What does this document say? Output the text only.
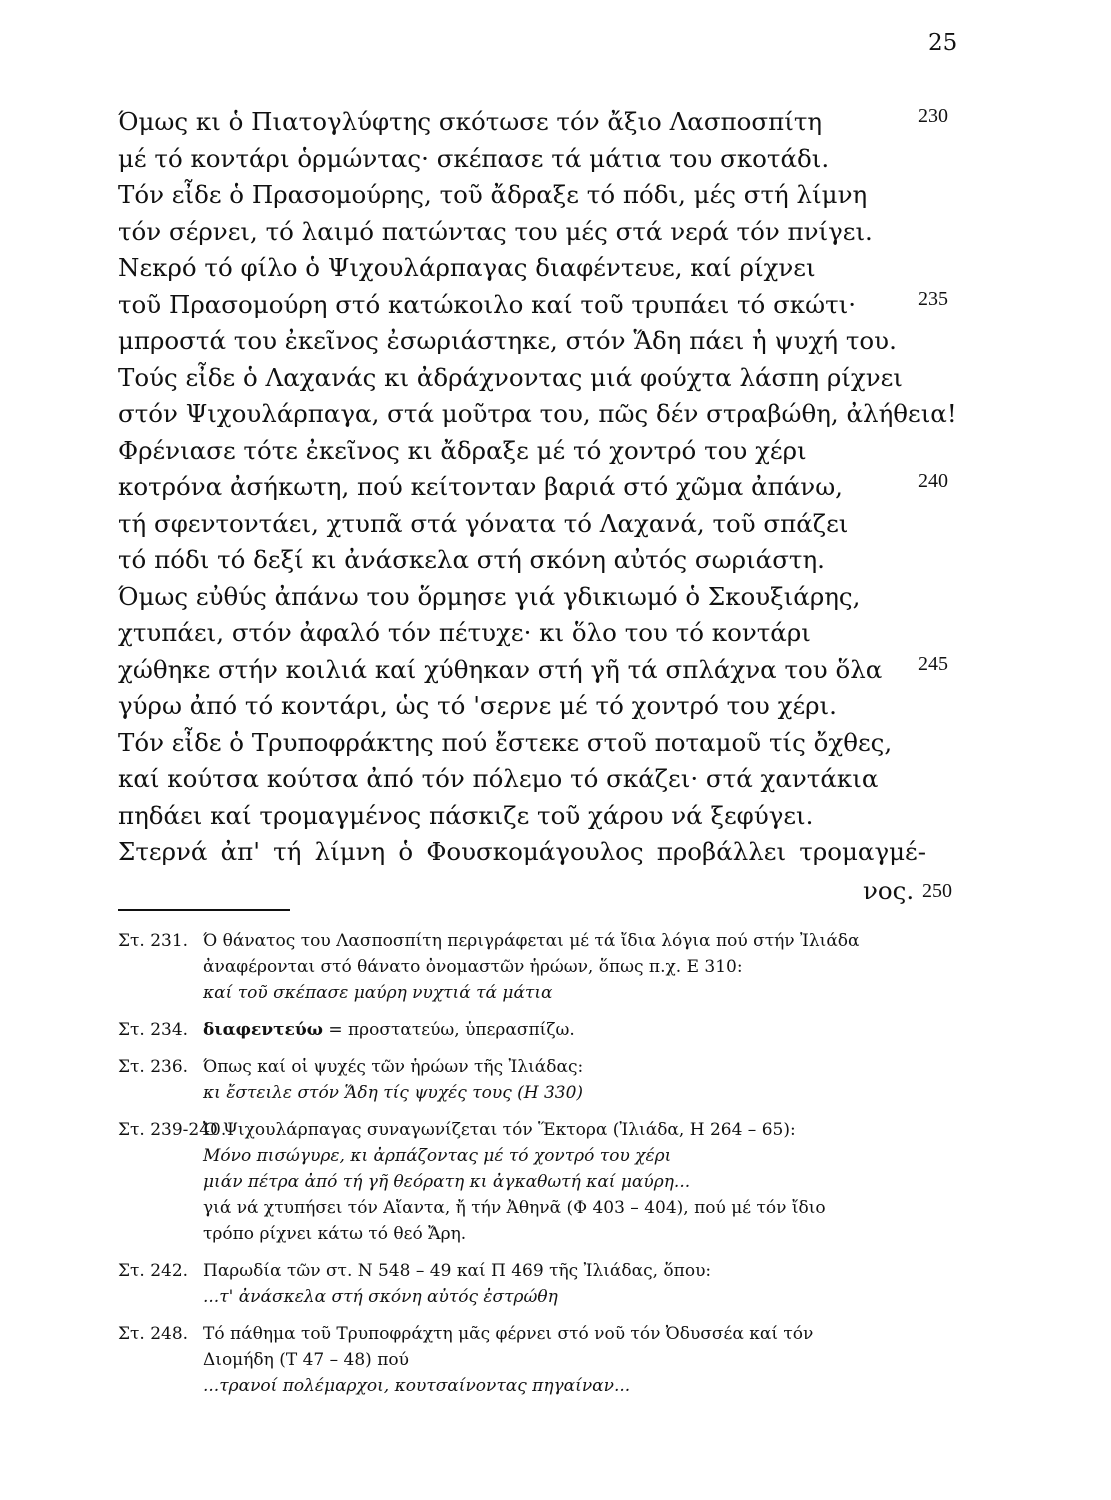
25
Όμως κι ὁ Πιατογλύφτης σκότωσε τόν ἄξιο Λασποσπίτη	230
μέ τό κοντάρι ὁρμώντας· σκέπασε τά μάτια του σκοτάδι.
Τόν εἶδε ὁ Πρασομούρης, τοῦ ἄδραξε τό πόδι, μές στή λίμνη
τόν σέρνει, τό λαιμό πατώντας του μές στά νερά τόν πνίγει.
Νεκρό τό φίλο ὁ Ψιχουλάρπαγας διαφέντευε, καί ρίχνει
τοῦ Πρασομούρη στό κατώκοιλο καί τοῦ τρυπάει τό σκώτι·	235
μπροστά του ἐκεῖνος ἐσωριάστηκε, στόν Ἅδη πάει ἡ ψυχή του.
Τούς εἶδε ὁ Λαχανάς κι ἀδράχνοντας μιά φούχτα λάσπη ρίχνει
στόν Ψιχουλάρπαγα, στά μοῦτρα του, πῶς δέν στραβώθη, ἀλήθεια!
Φρένιασε τότε ἐκεῖνος κι ἄδραξε μέ τό χοντρό του χέρι
κοτρόνα ἀσήκωτη, πού κείτονταν βαριά στό χῶμα ἀπάνω,	240
τή σφεντοντάει, χτυπᾶ στά γόνατα τό Λαχανά, τοῦ σπάζει
τό πόδι τό δεξί κι ἀνάσκελα στή σκόνη αὐτός σωριάστη.
Όμως εὐθύς ἀπάνω του ὅρμησε γιά γδικιωμό ὁ Σκουξιάρης,
χτυπάει, στόν ἀφαλό τόν πέτυχε· κι ὅλο του τό κοντάρι
χώθηκε στήν κοιλιά καί χύθηκαν στή γῆ τά σπλάχνα του ὅλα 245
γύρω ἀπό τό κοντάρι, ὡς τό 'σερνε μέ τό χοντρό του χέρι.
Τόν εἶδε ὁ Τρυποφράκτης πού ἔστεκε στοῦ ποταμοῦ τίς ὄχθες,
καί κούτσα κούτσα ἀπό τόν πόλεμο τό σκάζει· στά χαντάκια
πηδάει καί τρομαγμένος πάσκιζε τοῦ χάρου νά ξεφύγει.
Στερνά ἀπ' τή λίμνη ὁ Φουσκομάγουλος προβάλλει τρομαγμέ-
νος. 250
Στ. 231. Ό θάνατος του Λασποσπίτη περιγράφεται μέ τά ἴδια λόγια πού στήν Ἰλιάδα
ἀναφέρονται στό θάνατο ὀνομαστῶν ἡρώων, ὅπως π.χ. Ε 310:
καί τοῦ σκέπασε μαύρη νυχτιά τά μάτια
Στ. 234. διαφεντεύω = προστατεύω, ὑπερασπίζω.
Στ. 236. Όπως καί οἱ ψυχές τῶν ἡρώων τῆς Ἰλιάδας:
κι ἔστειλε στόν Ἅδη τίς ψυχές τους (Η 330)
Στ. 239-240.
Ὁ Ψιχουλάρπαγας συναγωνίζεται τόν Ἕκτορα (Ἰλιάδα, Η 264 – 65):
Μόνο πισώγυρε, κι ἀρπάζοντας μέ τό χοντρό του χέρι
μιάν πέτρα ἀπό τή γῆ θεόρατη κι ἀγκαθωτή καί μαύρη...
γιά νά χτυπήσει τόν Αἴαντα, ἤ τήν Ἀθηνᾶ (Φ 403 – 404), πού μέ τόν ἴδιο
τρόπο ρίχνει κάτω τό θεό Ἄρη.
Στ. 242. Παρωδία τῶν στ. Ν 548 – 49 καί Π 469 τῆς Ἰλιάδας, ὅπου:
...τ' ἀνάσκελα στή σκόνη αὐτός ἐστρώθη
Στ. 248. Τό πάθημα τοῦ Τρυποφράχτη μᾶς φέρνει στό νοῦ τόν Ὀδυσσέα καί τόν
Διομήδη (Τ 47 – 48) πού
...τρανοί πολέμαρχοι, κουτσαίνοντας πηγαίναν...
